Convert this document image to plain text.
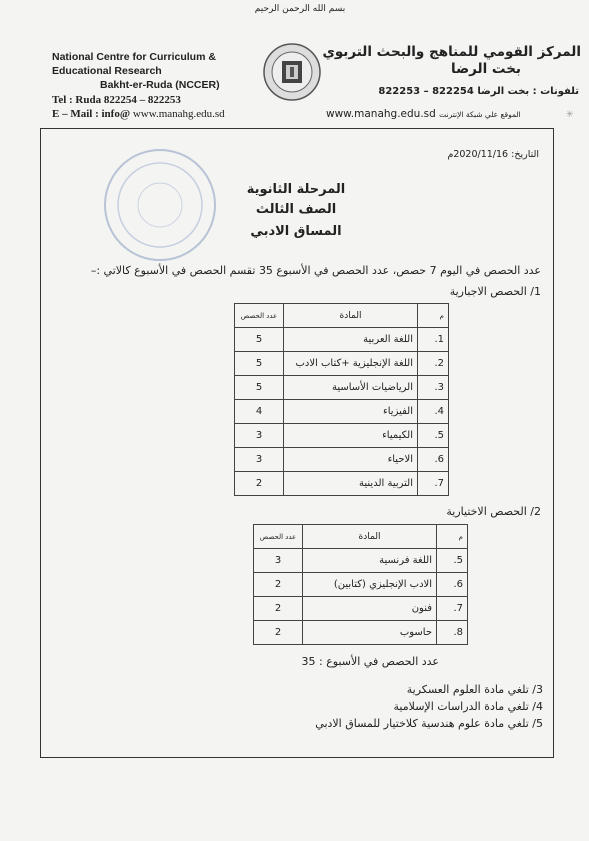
بسم الله الرحمن الرحيم
National Centre for Curriculum &
Educational Research
Bakht-er-Ruda (NCCER)
Tel : Ruda 822254 – 822253
E – Mail : info@ www.manahg.edu.sd
المركز القومي للمناهج والبحث التربوي
بخت الرضا
تلفونات : بخت الرضا 822254 – 822253
www.manahg.edu.sd الموقع علي شبكة الإنترنت	✳
التاريخ: 2020/11/16م
المرحلة الثانوية
الصف الثالث
المساق الادبي
عدد الحصص في اليوم 7 حصص، عدد الحصص في الأسبوع 35 تقسم الحصص في الأسبوع كالاتي :–
1/ الحصص الاجبارية
م	المادة	عدد الحصص
1.	اللغة العربية	5
2.	اللغة الإنجليزية +كتاب الادب	5
3.	الرياضيات الأساسية	5
4.	الفيزياء	4
5.	الكيمياء	3
6.	الاحياء	3
7.	التربية الدينية	2
2/ الحصص الاختيارية
م	المادة	عدد الحصص
5.	اللغة فرنسية	3
6.	الادب الإنجليزي (كتابين)	2
7.	فنون	2
8.	حاسوب	2
عدد الحصص في الأسبوع : 35
3/ تلغي مادة العلوم العسكرية
4/ تلغي مادة الدراسات الإسلامية
5/ تلغي مادة علوم هندسية كلاختيار للمساق الادبي
